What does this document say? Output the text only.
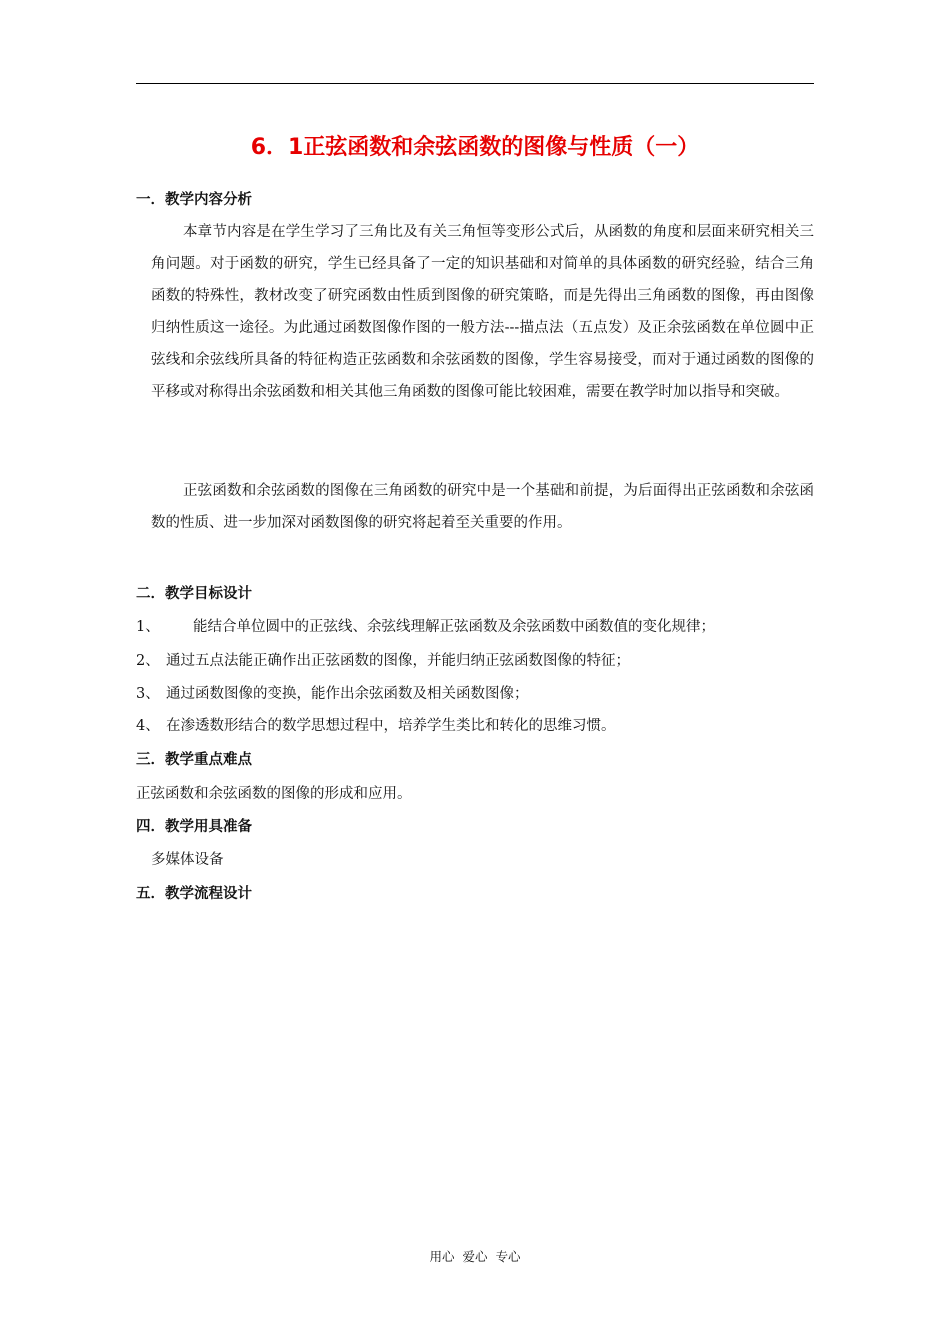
6．1正弦函数和余弦函数的图像与性质（一）
一．教学内容分析
本章节内容是在学生学习了三角比及有关三角恒等变形公式后，从函数的角度和层面来研究相关三角问题。对于函数的研究，学生已经具备了一定的知识基础和对简单的具体函数的研究经验，结合三角函数的特殊性，教材改变了研究函数由性质到图像的研究策略，而是先得出三角函数的图像，再由图像归纳性质这一途径。为此通过函数图像作图的一般方法---描点法（五点发）及正余弦函数在单位圆中正弦线和余弦线所具备的特征构造正弦函数和余弦函数的图像，学生容易接受，而对于通过函数的图像的平移或对称得出余弦函数和相关其他三角函数的图像可能比较困难，需要在教学时加以指导和突破。
正弦函数和余弦函数的图像在三角函数的研究中是一个基础和前提，为后面得出正弦函数和余弦函数的性质、进一步加深对函数图像的研究将起着至关重要的作用。
二．教学目标设计
1、 能结合单位圆中的正弦线、余弦线理解正弦函数及余弦函数中函数值的变化规律；
2、 通过五点法能正确作出正弦函数的图像，并能归纳正弦函数图像的特征；
3、 通过函数图像的变换，能作出余弦函数及相关函数图像；
4、 在渗透数形结合的数学思想过程中，培养学生类比和转化的思维习惯。
三．教学重点难点
正弦函数和余弦函数的图像的形成和应用。
四．教学用具准备
多媒体设备
五．教学流程设计
用心  爱心  专心
